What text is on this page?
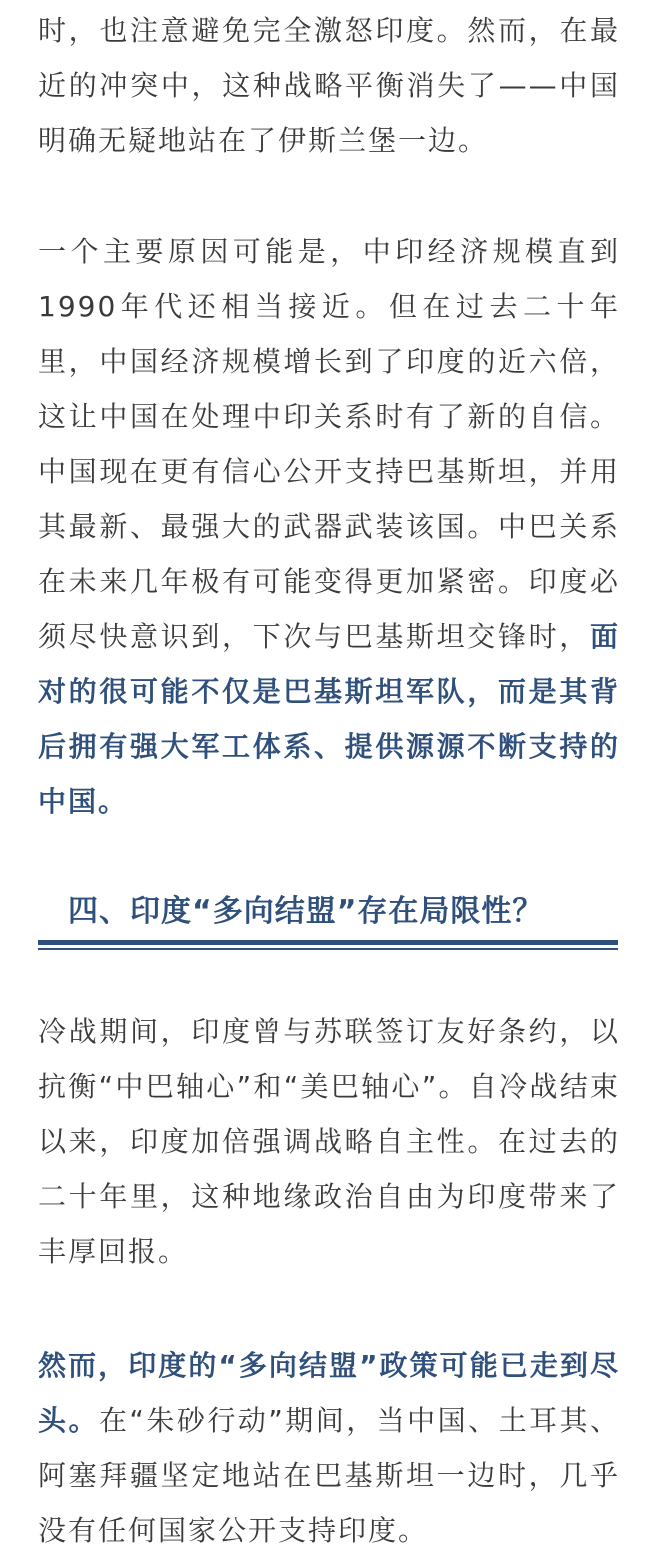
时，也注意避免完全激怒印度。然而，在最近的冲突中，这种战略平衡消失了——中国明确无疑地站在了伊斯兰堡一边。

一个主要原因可能是，中印经济规模直到1990年代还相当接近。但在过去二十年里，中国经济规模增长到了印度的近六倍，这让中国在处理中印关系时有了新的自信。中国现在更有信心公开支持巴基斯坦，并用其最新、最强大的武器武装该国。中巴关系在未来几年极有可能变得更加紧密。印度必须尽快意识到，下次与巴基斯坦交锋时，面对的很可能不仅是巴基斯坦军队，而是其背后拥有强大军工体系、提供源源不断支持的中国。

四、印度“多向结盟”存在局限性？

冷战期间，印度曾与苏联签订友好条约，以抗衡“中巴轴心”和“美巴轴心”。自冷战结束以来，印度加倍强调战略自主性。在过去的二十年里，这种地缘政治自由为印度带来了丰厚回报。

然而，印度的“多向结盟”政策可能已走到尽头。在“朱砂行动”期间，当中国、土耳其、阿塞拜疆坚定地站在巴基斯坦一边时，几乎没有任何国家公开支持印度。
